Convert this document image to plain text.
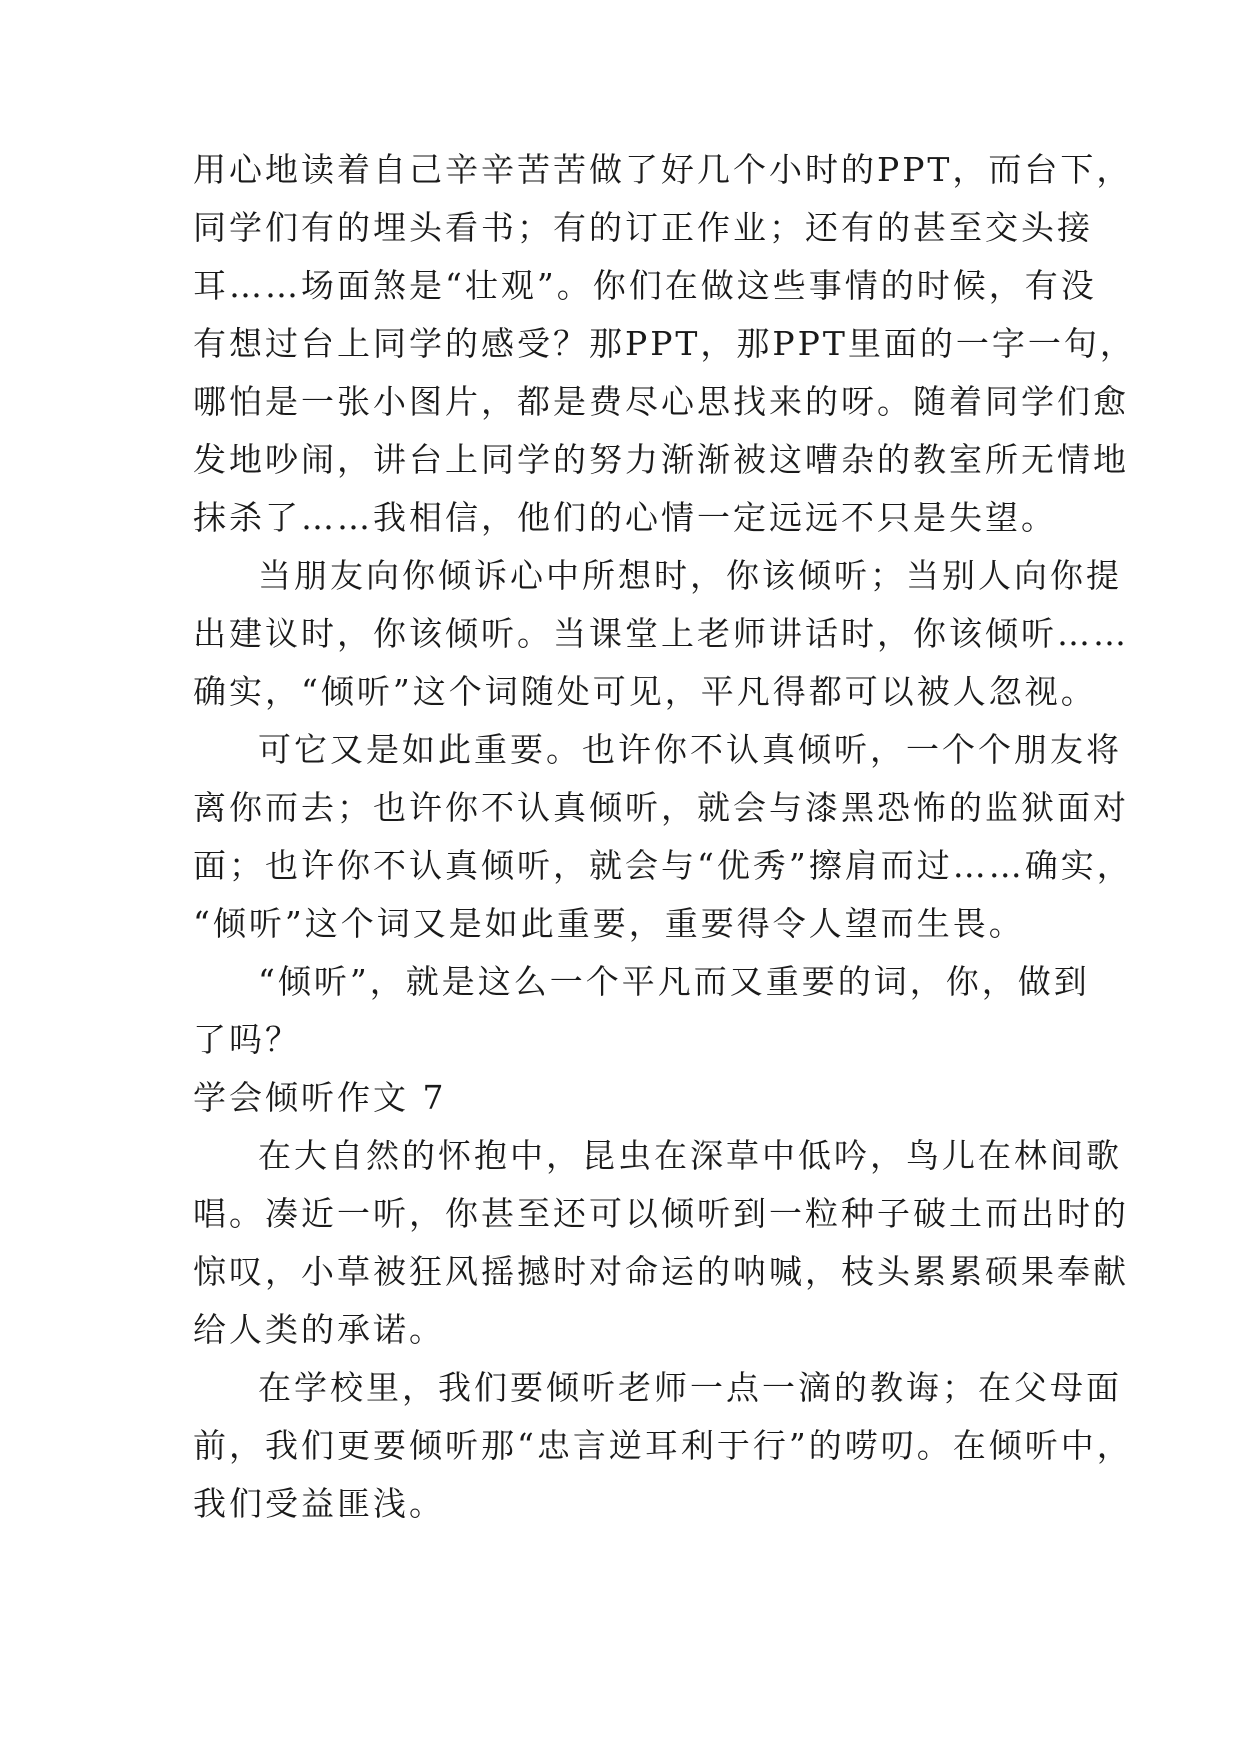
用心地读着自己辛辛苦苦做了好几个小时的PPT，而台下，
同学们有的埋头看书；有的订正作业；还有的甚至交头接
耳……场面煞是“壮观”。你们在做这些事情的时候，有没
有想过台上同学的感受？那PPT，那PPT里面的一字一句，
哪怕是一张小图片，都是费尽心思找来的呀。随着同学们愈
发地吵闹，讲台上同学的努力渐渐被这嘈杂的教室所无情地
抹杀了……我相信，他们的心情一定远远不只是失望。
当朋友向你倾诉心中所想时，你该倾听；当别人向你提
出建议时，你该倾听。当课堂上老师讲话时，你该倾听……
确实，“倾听”这个词随处可见，平凡得都可以被人忽视。
可它又是如此重要。也许你不认真倾听，一个个朋友将
离你而去；也许你不认真倾听，就会与漆黑恐怖的监狱面对
面；也许你不认真倾听，就会与“优秀”擦肩而过……确实，
“倾听”这个词又是如此重要，重要得令人望而生畏。
“倾听”，就是这么一个平凡而又重要的词，你，做到
了吗？
学会倾听作文 7
在大自然的怀抱中，昆虫在深草中低吟，鸟儿在林间歌
唱。凑近一听，你甚至还可以倾听到一粒种子破土而出时的
惊叹，小草被狂风摇撼时对命运的呐喊，枝头累累硕果奉献
给人类的承诺。
在学校里，我们要倾听老师一点一滴的教诲；在父母面
前，我们更要倾听那“忠言逆耳利于行”的唠叨。在倾听中，
我们受益匪浅。
